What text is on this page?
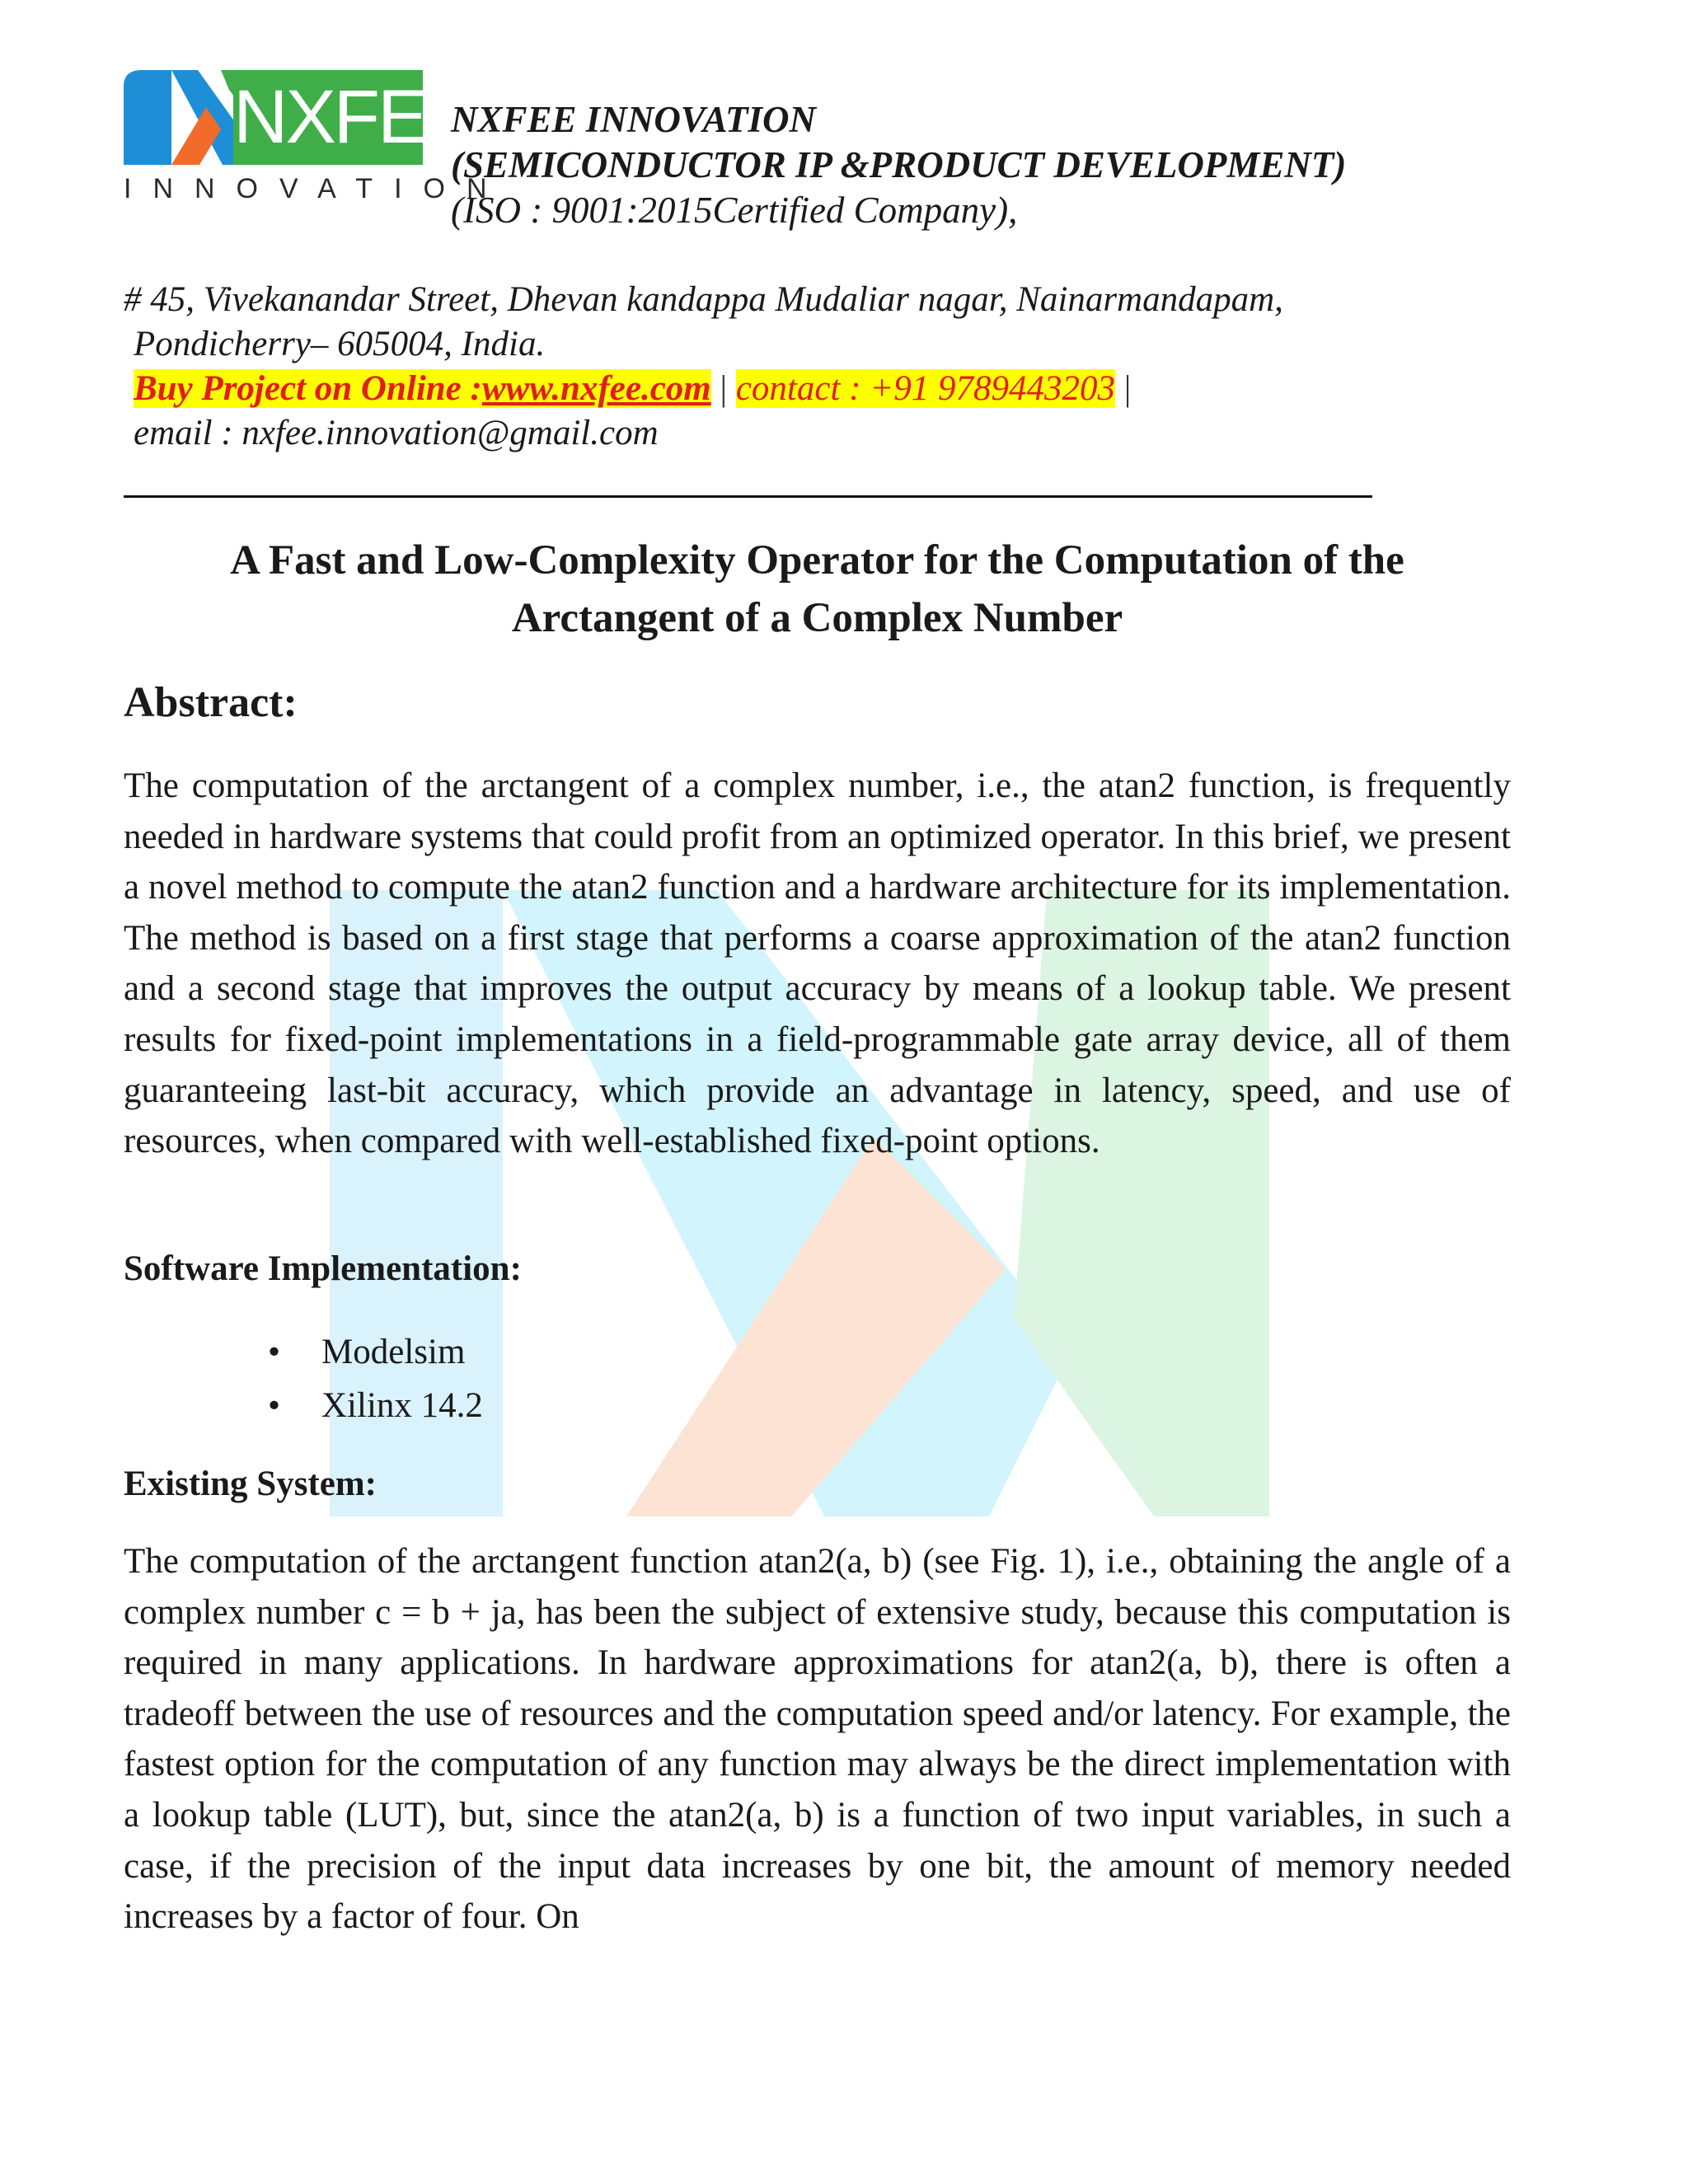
NXFEE
INNOVATION
NXFEE INNOVATION
(SEMICONDUCTOR IP &PRODUCT DEVELOPMENT)
(ISO : 9001:2015Certified Company),
# 45, Vivekanandar Street, Dhevan kandappa Mudaliar nagar, Nainarmandapam,
Pondicherry– 605004, India.
Buy Project on Online :www.nxfee.com | contact : +91 9789443203 |
email : nxfee.innovation@gmail.com
A Fast and Low-Complexity Operator for the Computation of the
Arctangent of a Complex Number
Abstract:

The computation of the arctangent of a complex number, i.e., the atan2 function, is frequently needed in hardware systems that could profit from an optimized operator. In this brief, we present a novel method to compute the atan2 function and a hardware architecture for its implementation. The method is based on a first stage that performs a coarse approximation of the atan2 function and a second stage that improves the output accuracy by means of a lookup table. We present results for fixed-point implementations in a field-programmable gate array device, all of them guaranteeing last-bit accuracy, which provide an advantage in latency, speed, and use of resources, when compared with well-established fixed-point options.

Software Implementation:
• Modelsim
• Xilinx 14.2
Existing System:

The computation of the arctangent function atan2(a, b) (see Fig. 1), i.e., obtaining the angle of a complex number c = b + ja, has been the subject of extensive study, because this computation is required in many applications. In hardware approximations for atan2(a, b), there is often a tradeoff between the use of resources and the computation speed and/or latency. For example, the fastest option for the computation of any function may always be the direct implementation with a lookup table (LUT), but, since the atan2(a, b) is a function of two input variables, in such a case, if the precision of the input data increases by one bit, the amount of memory needed increases by a factor of four. On
